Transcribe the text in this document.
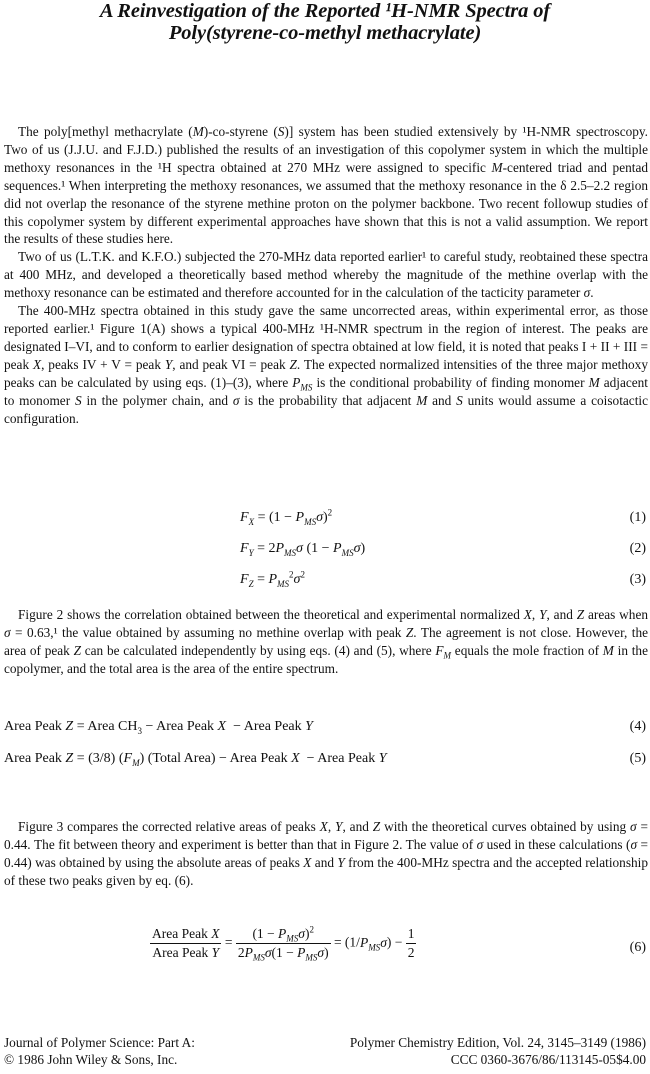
A Reinvestigation of the Reported ¹H-NMR Spectra of
Poly(styrene-co-methyl methacrylate)

The poly[methyl methacrylate (M)-co-styrene (S)] system has been studied extensively by ¹H-NMR spectroscopy. Two of us (J.J.U. and F.J.D.) published the results of an investigation of this copolymer system in which the multiple methoxy resonances in the ¹H spectra obtained at 270 MHz were assigned to specific M-centered triad and pentad sequences.¹ When interpreting the methoxy resonances, we assumed that the methoxy resonance in the δ 2.5–2.2 region did not overlap the resonance of the styrene methine proton on the polymer backbone. Two recent followup studies of this copolymer system by different experimental approaches have shown that this is not a valid assumption. We report the results of these studies here.

Two of us (L.T.K. and K.F.O.) subjected the 270-MHz data reported earlier¹ to careful study, reobtained these spectra at 400 MHz, and developed a theoretically based method whereby the magnitude of the methine overlap with the methoxy resonance can be estimated and therefore accounted for in the calculation of the tacticity parameter σ.

The 400-MHz spectra obtained in this study gave the same uncorrected areas, within experimental error, as those reported earlier.¹ Figure 1(A) shows a typical 400-MHz ¹H-NMR spectrum in the region of interest. The peaks are designated I–VI, and to conform to earlier designation of spectra obtained at low field, it is noted that peaks I + II + III = peak X, peaks IV + V = peak Y, and peak VI = peak Z. The expected normalized intensities of the three major methoxy peaks can be calculated by using eqs. (1)–(3), where $P_{MS}$ is the conditional probability of finding monomer M adjacent to monomer S in the polymer chain, and σ is the probability that adjacent M and S units would assume a coisotactic configuration.

$F_X = (1 - P_{MS}\sigma)^2$	(1)
$F_Y = 2P_{MS}\sigma$ $(1 - P_{MS}\sigma)$	(2)
$F_Z = P_{MS}^2\sigma^2$	(3)

Figure 2 shows the correlation obtained between the theoretical and experimental normalized X, Y, and Z areas when σ = 0.63,¹ the value obtained by assuming no methine overlap with peak Z. The agreement is not close. However, the area of peak Z can be calculated independently by using eqs. (4) and (5), where $F_M$ equals the mole fraction of M in the copolymer, and the total area is the area of the entire spectrum.

Area Peak Z = Area $CH_3$ − Area Peak X  − Area Peak Y	(4)
Area Peak Z = (3/8) $(F_M)$ (Total Area) − Area Peak X  − Area Peak Y	(5)

Figure 3 compares the corrected relative areas of peaks X, Y, and Z with the theoretical curves obtained by using σ = 0.44. The fit between theory and experiment is better than that in Figure 2. The value of σ used in these calculations (σ = 0.44) was obtained by using the absolute areas of peaks X and Y from the 400-MHz spectra and the accepted relationship of these two peaks given by eq. (6).

$\frac{\text{Area Peak X}}{\text{Area Peak Y}} = \frac{(1 - P_{MS}\sigma)^2}{2P_{MS}\sigma(1 - P_{MS}\sigma)} = (1/P_{MS}\sigma) - \frac{1}{2}$	(6)
Journal of Polymer Science: Part A:	Polymer Chemistry Edition, Vol. 24, 3145–3149 (1986)
© 1986 John Wiley & Sons, Inc.	CCC 0360-3676/86/113145-05$4.00
